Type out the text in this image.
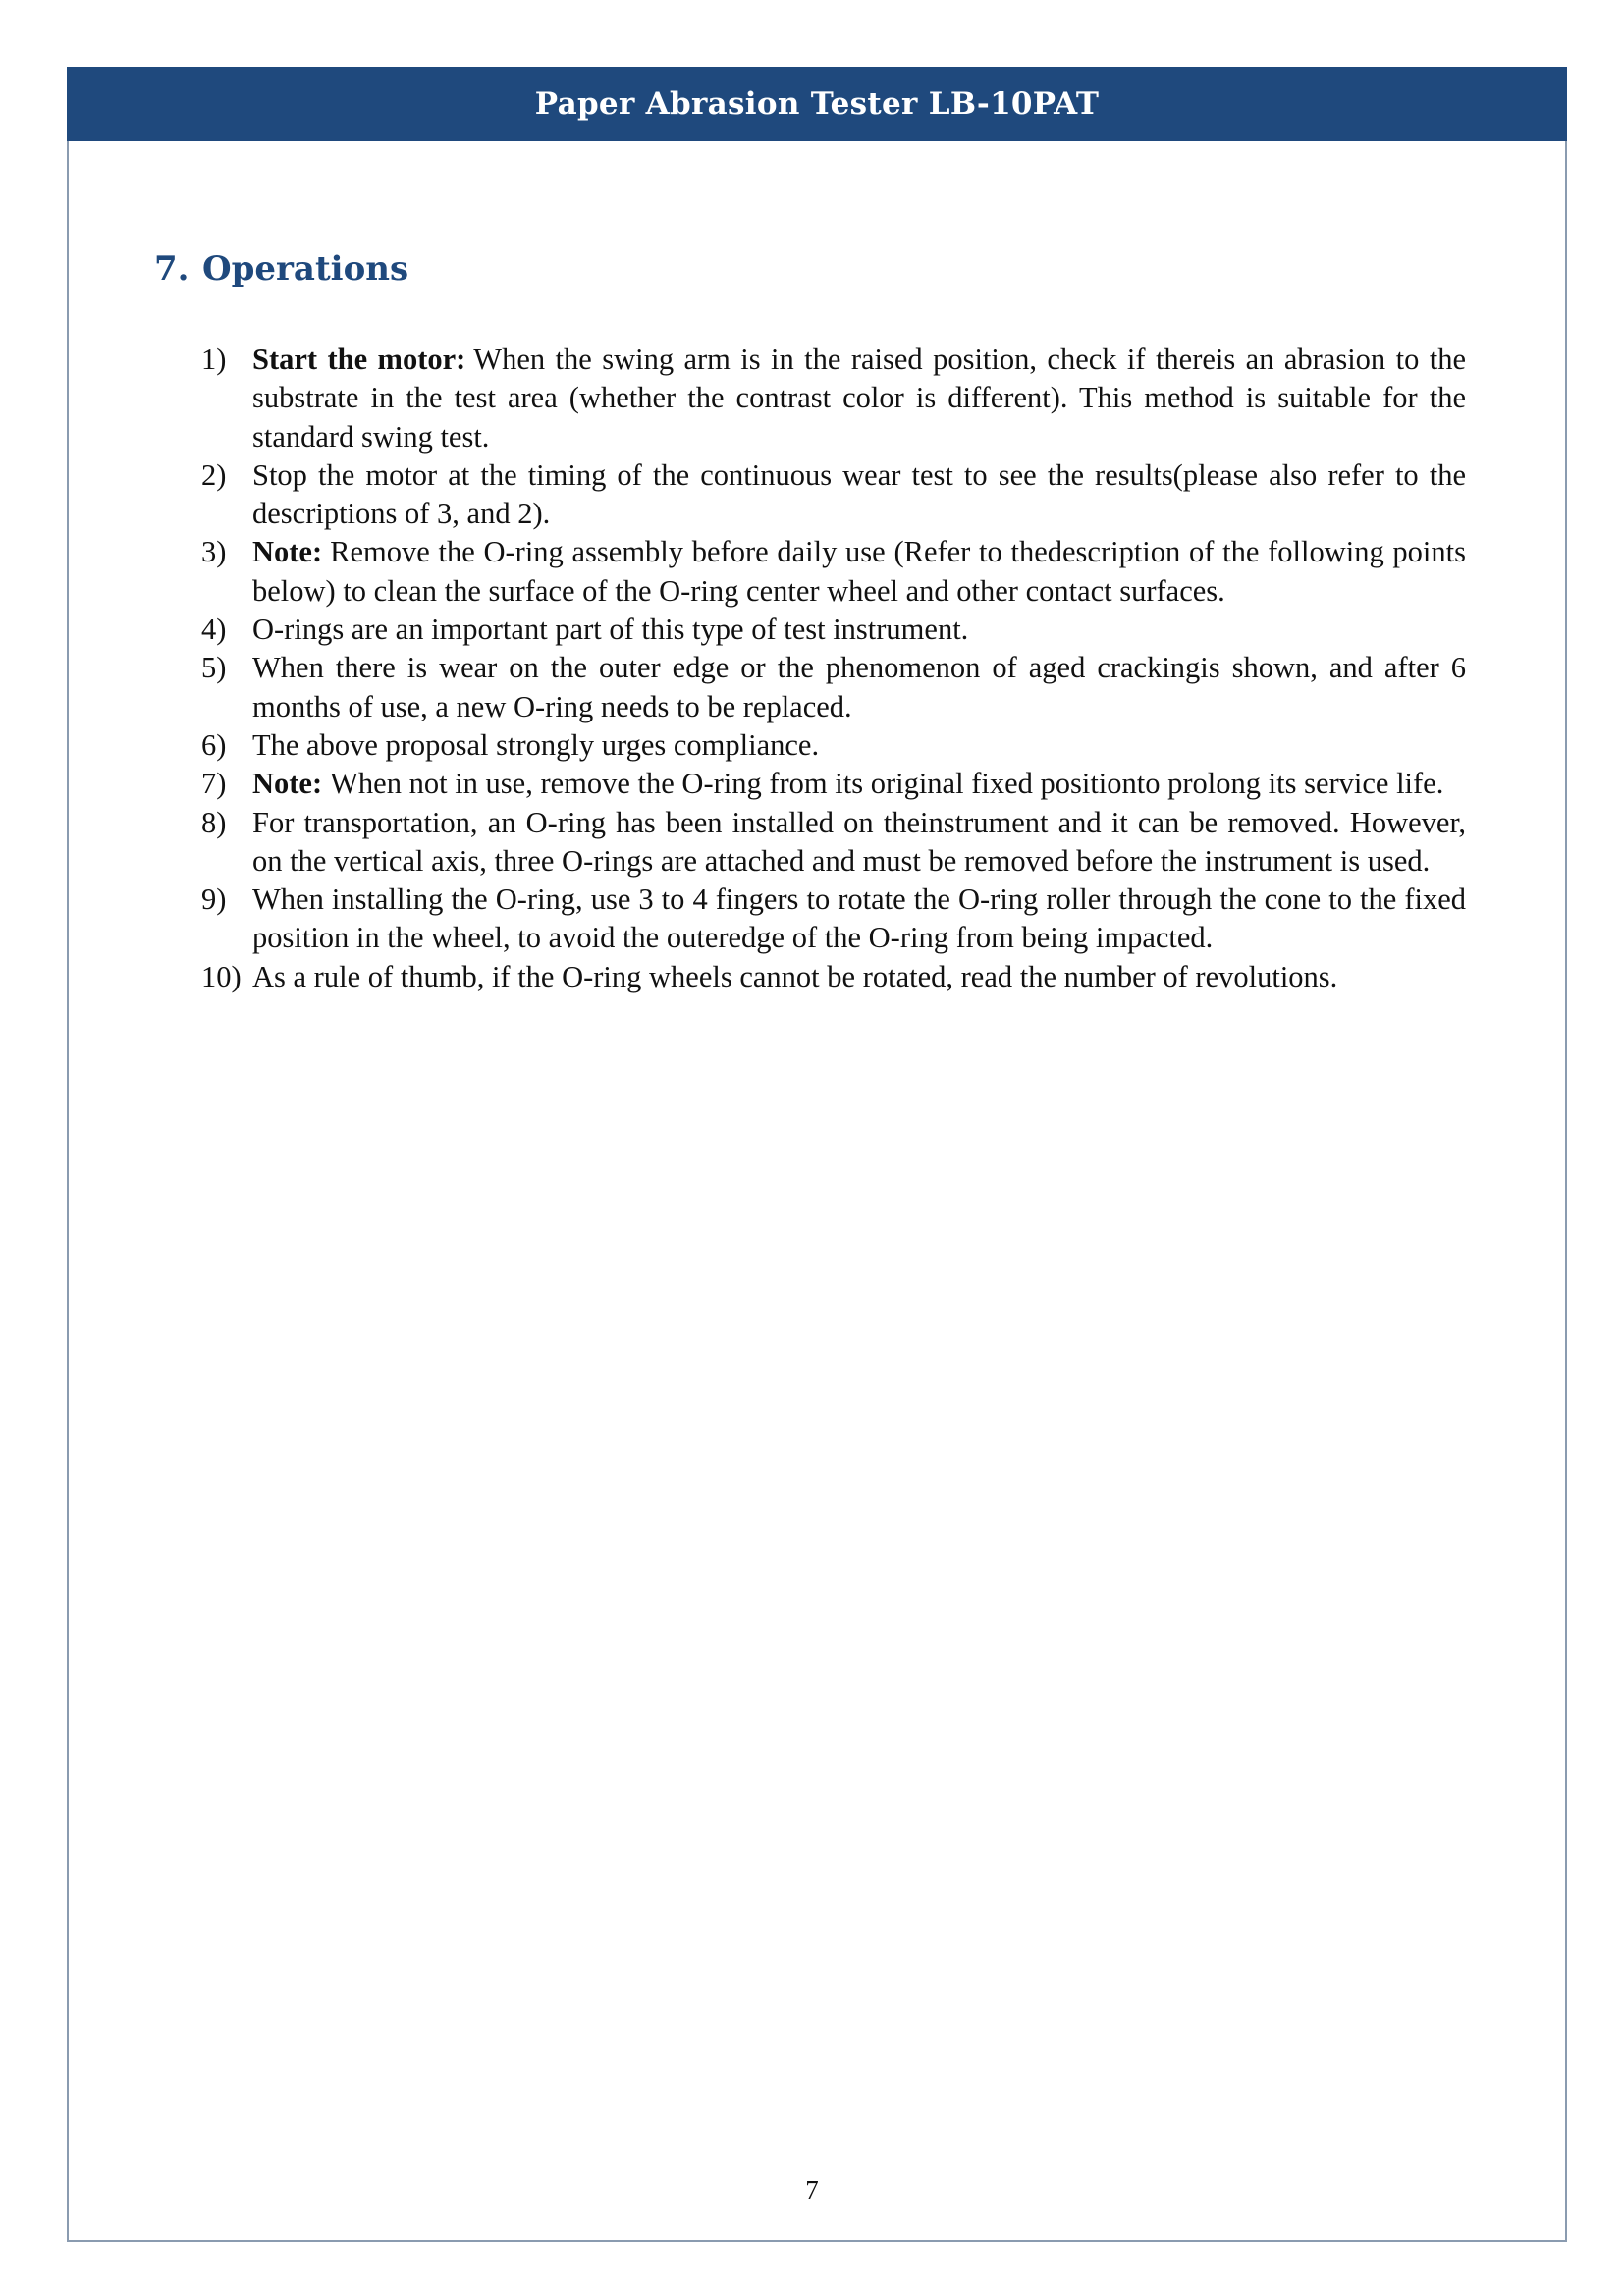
Paper Abrasion Tester LB-10PAT
7. Operations
1) Start the motor: When the swing arm is in the raised position, check if thereis an abrasion to the substrate in the test area (whether the contrast color is different). This method is suitable for the standard swing test.
2) Stop the motor at the timing of the continuous wear test to see the results(please also refer to the descriptions of 3, and 2).
3) Note: Remove the O-ring assembly before daily use (Refer to thedescription of the following points below) to clean the surface of the O-ring center wheel and other contact surfaces.
4) O-rings are an important part of this type of test instrument.
5) When there is wear on the outer edge or the phenomenon of aged crackingis shown, and after 6 months of use, a new O-ring needs to be replaced.
6) The above proposal strongly urges compliance.
7) Note: When not in use, remove the O-ring from its original fixed positionto prolong its service life.
8) For transportation, an O-ring has been installed on theinstrument and it can be removed. However, on the vertical axis, three O-rings are attached and must be removed before the instrument is used.
9) When installing the O-ring, use 3 to 4 fingers to rotate the O-ring roller through the cone to the fixed position in the wheel, to avoid the outeredge of the O-ring from being impacted.
10) As a rule of thumb, if the O-ring wheels cannot be rotated, read the number of revolutions.
7
